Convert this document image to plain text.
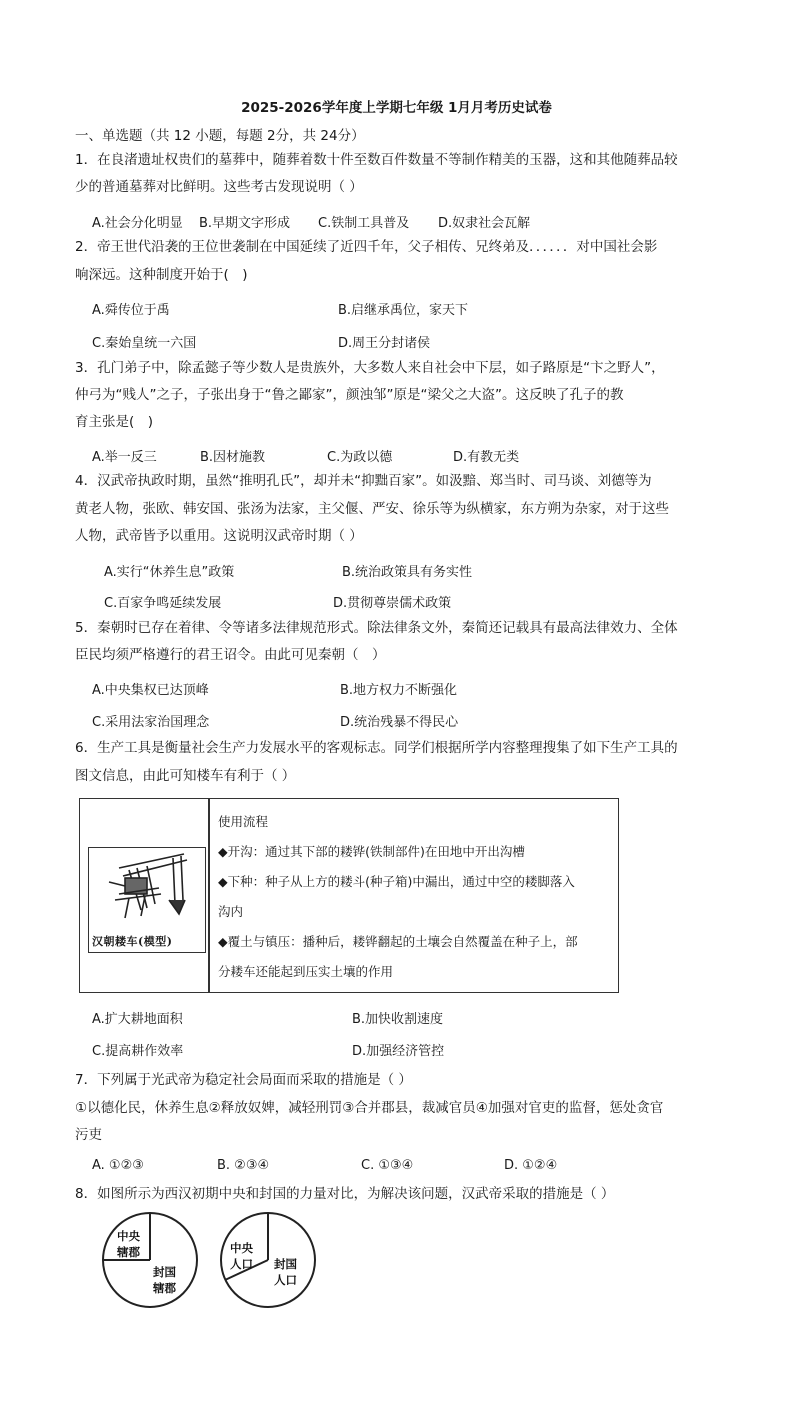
2025-2026学年度上学期七年级 1月月考历史试卷
一、单选题（共 12 小题，每题 2分，共 24分）
1．在良渚遗址权贵们的墓葬中，随葬着数十件至数百件数量不等制作精美的玉器，这和其他随葬品较
少的普通墓葬对比鲜明。这些考古发现说明（ ）
A.社会分化明显 B.早期文字形成 C.铁制工具普及 D.奴隶社会瓦解
2．帝王世代沿袭的王位世袭制在中国延续了近四千年，父子相传、兄终弟及．．．．．．对中国社会影
响深远。这种制度开始于(　)
A.舜传位于禹	B.启继承禹位，家天下
C.秦始皇统一六国	D.周王分封诸侯
3．孔门弟子中，除孟懿子等少数人是贵族外，大多数人来自社会中下层，如子路原是“卞之野人”，
仲弓为“贱人”之子，子张出身于“鲁之鄙家”，颜浊邹”原是“梁父之大盗”。这反映了孔子的教
育主张是(　)
A.举一反三	B.因材施教	C.为政以德	D.有教无类
4．汉武帝执政时期，虽然“推明孔氏”，却并未“抑黜百家”。如汲黯、郑当时、司马谈、刘德等为
黄老人物，张欧、韩安国、张汤为法家，主父偃、严安、徐乐等为纵横家，东方朔为杂家，对于这些
人物，武帝皆予以重用。这说明汉武帝时期（ ）
A.实行“休养生息”政策	B.统治政策具有务实性
C.百家争鸣延续发展	D.贯彻尊崇儒术政策
5．秦朝时已存在着律、令等诸多法律规范形式。除法律条文外，秦简还记载具有最高法律效力、全体
臣民均须严格遵行的君王诏令。由此可见秦朝（　）
A.中央集权已达顶峰	B.地方权力不断强化
C.采用法家治国理念	D.统治残暴不得民心
6．生产工具是衡量社会生产力发展水平的客观标志。同学们根据所学内容整理搜集了如下生产工具的
图文信息，由此可知楼车有利于（ ）
汉朝耧车(模型)
使用流程
◆开沟：通过其下部的耧铧(铁制部件)在田地中开出沟槽
◆下种：种子从上方的耧斗(种子箱)中漏出，通过中空的耧脚落入
沟内
◆覆土与镇压：播种后，耧铧翻起的土壤会自然覆盖在种子上，部
分耧车还能起到压实土壤的作用
A.扩大耕地面积	B.加快收割速度
C.提高耕作效率	D.加强经济管控
7．下列属于光武帝为稳定社会局面而采取的措施是（ ）
①以德化民，休养生息②释放奴婢，减轻刑罚③合并郡县，裁减官员④加强对官吏的监督，惩处贪官
污吏
A. ①②③	B. ②③④	C. ①③④	D. ①②④
8．如图所示为西汉初期中央和封国的力量对比，为解决该问题，汉武帝采取的措施是（ ）
中央
辖郡
封国
辖郡
中央
人口 封国
人口
